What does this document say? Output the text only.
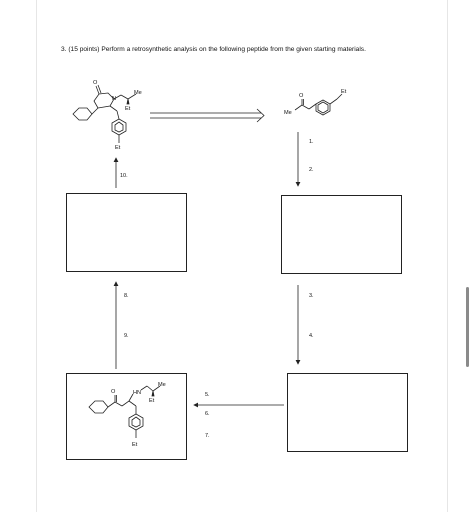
3. (15 points) Perform a retrosynthetic analysis on the following peptide from the given starting materials.
N
Me
Et
O
Et
Et
O
Me
1.
2.
3.
4.
5.
6.
7.
8.
9.
10.
O	HN
Me
Et
Et
